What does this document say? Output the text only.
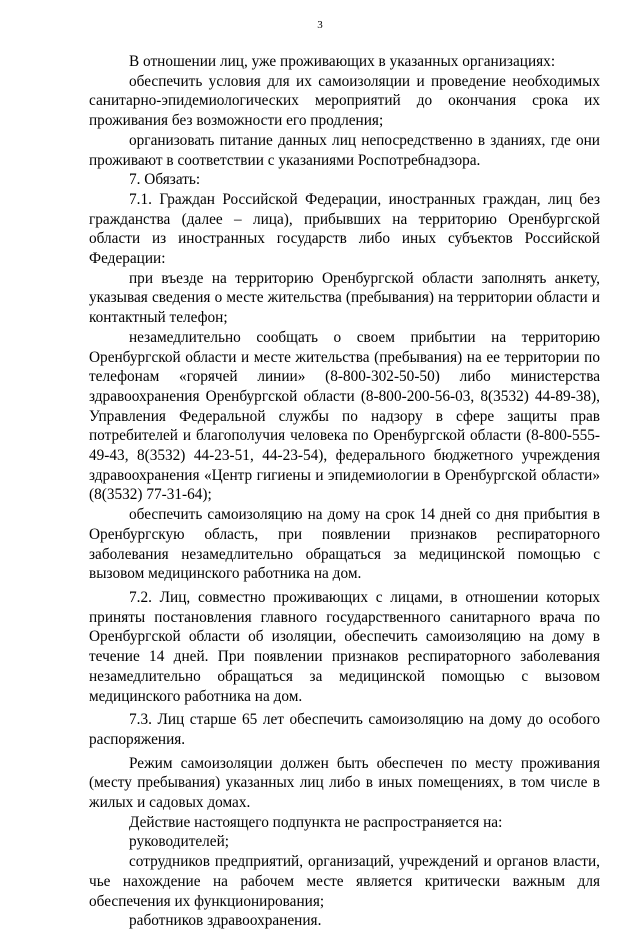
3

В отношении лиц, уже проживающих в указанных организациях:

обеспечить условия для их самоизоляции и проведение необходимых санитарно-эпидемиологических мероприятий до окончания срока их проживания без возможности его продления;

организовать питание данных лиц непосредственно в зданиях, где они проживают в соответствии с указаниями Роспотребнадзора.

7. Обязать:

7.1. Граждан Российской Федерации, иностранных граждан, лиц без гражданства (далее – лица), прибывших на территорию Оренбургской области из иностранных государств либо иных субъектов Российской Федерации:

при въезде на территорию Оренбургской области заполнять анкету, указывая сведения о месте жительства (пребывания) на территории области и контактный телефон;

незамедлительно сообщать о своем прибытии на территорию Оренбургской области и месте жительства (пребывания) на ее территории по телефонам «горячей линии» (8-800-302-50-50) либо министерства здравоохранения Оренбургской области (8-800-200-56-03, 8(3532) 44-89-38), Управления Федеральной службы по надзору в сфере защиты прав потребителей и благополучия человека по Оренбургской области (8-800-555-49-43, 8(3532) 44-23-51, 44-23-54), федерального бюджетного учреждения здравоохранения «Центр гигиены и эпидемиологии в Оренбургской области» (8(3532) 77-31-64);

обеспечить самоизоляцию на дому на срок 14 дней со дня прибытия в Оренбургскую область, при появлении признаков респираторного заболевания незамедлительно обращаться за медицинской помощью с вызовом медицинского работника на дом.

7.2. Лиц, совместно проживающих с лицами, в отношении которых приняты постановления главного государственного санитарного врача по Оренбургской области об изоляции, обеспечить самоизоляцию на дому в течение 14 дней. При появлении признаков респираторного заболевания незамедлительно обращаться за медицинской помощью с вызовом медицинского работника на дом.

7.3. Лиц старше 65 лет обеспечить самоизоляцию на дому до особого распоряжения.

Режим самоизоляции должен быть обеспечен по месту проживания (месту пребывания) указанных лиц либо в иных помещениях, в том числе в жилых и садовых домах.

Действие настоящего подпункта не распространяется на:

руководителей;

сотрудников предприятий, организаций, учреждений и органов власти, чье нахождение на рабочем месте является критически важным для обеспечения их функционирования;

работников здравоохранения.
